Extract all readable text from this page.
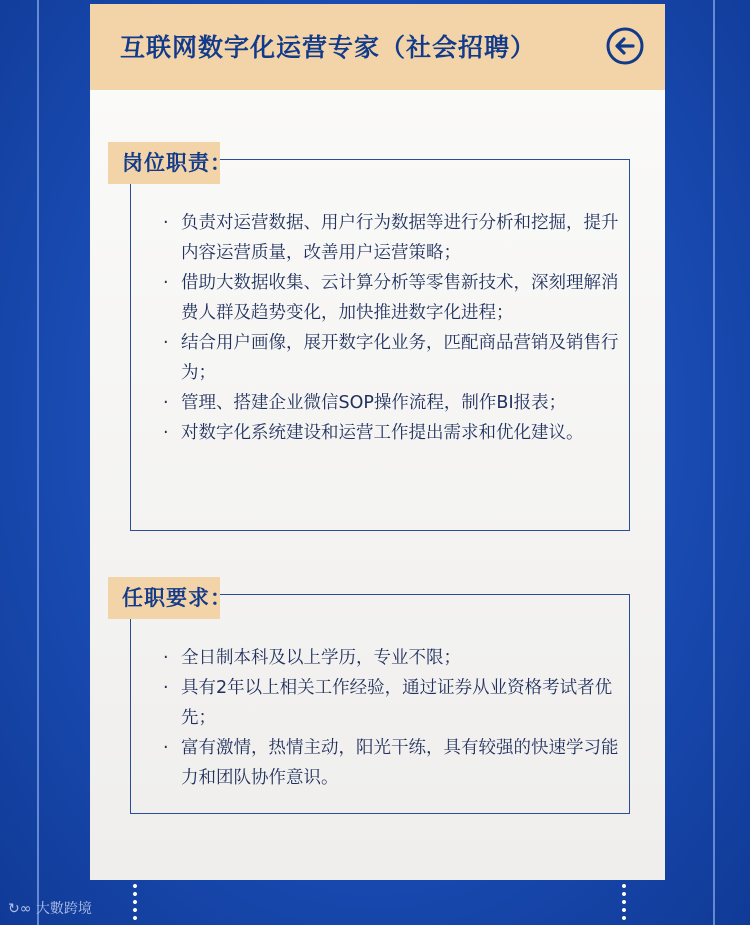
互联网数字化运营专家（社会招聘）
岗位职责：
· 负责对运营数据、用户行为数据等进行分析和挖掘，提升内容运营质量，改善用户运营策略；
· 借助大数据收集、云计算分析等零售新技术，深刻理解消费人群及趋势变化，加快推进数字化进程；
· 结合用户画像，展开数字化业务，匹配商品营销及销售行为；
· 管理、搭建企业微信SOP操作流程，制作BI报表；
· 对数字化系统建设和运营工作提出需求和优化建议。
任职要求：
· 全日制本科及以上学历，专业不限；
· 具有2年以上相关工作经验，通过证券从业资格考试者优先；
· 富有激情，热情主动，阳光干练，具有较强的快速学习能力和团队协作意识。
↻∞ 大數跨境
